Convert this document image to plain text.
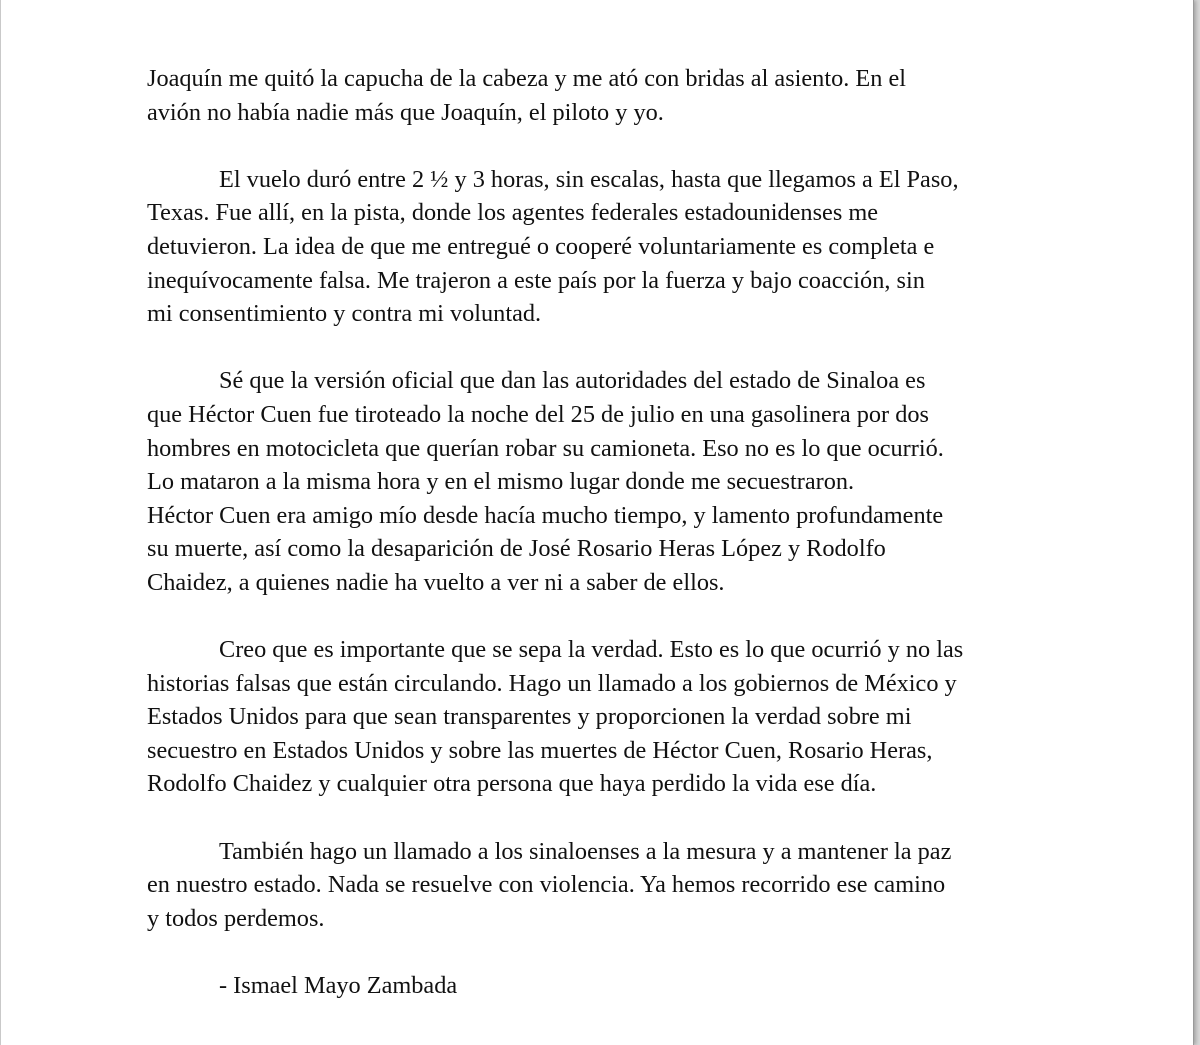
Joaquín me quitó la capucha de la cabeza y me ató con bridas al asiento. En el
avión no había nadie más que Joaquín, el piloto y yo.
El vuelo duró entre 2 ½ y 3 horas, sin escalas, hasta que llegamos a El Paso,
Texas. Fue allí, en la pista, donde los agentes federales estadounidenses me
detuvieron. La idea de que me entregué o cooperé voluntariamente es completa e
inequívocamente falsa. Me trajeron a este país por la fuerza y bajo coacción, sin
mi consentimiento y contra mi voluntad.
Sé que la versión oficial que dan las autoridades del estado de Sinaloa es
que Héctor Cuen fue tiroteado la noche del 25 de julio en una gasolinera por dos
hombres en motocicleta que querían robar su camioneta. Eso no es lo que ocurrió.
Lo mataron a la misma hora y en el mismo lugar donde me secuestraron.
Héctor Cuen era amigo mío desde hacía mucho tiempo, y lamento profundamente
su muerte, así como la desaparición de José Rosario Heras López y Rodolfo
Chaidez, a quienes nadie ha vuelto a ver ni a saber de ellos.
Creo que es importante que se sepa la verdad. Esto es lo que ocurrió y no las
historias falsas que están circulando. Hago un llamado a los gobiernos de México y
Estados Unidos para que sean transparentes y proporcionen la verdad sobre mi
secuestro en Estados Unidos y sobre las muertes de Héctor Cuen, Rosario Heras,
Rodolfo Chaidez y cualquier otra persona que haya perdido la vida ese día.
También hago un llamado a los sinaloenses a la mesura y a mantener la paz
en nuestro estado. Nada se resuelve con violencia. Ya hemos recorrido ese camino
y todos perdemos.
- Ismael Mayo Zambada
